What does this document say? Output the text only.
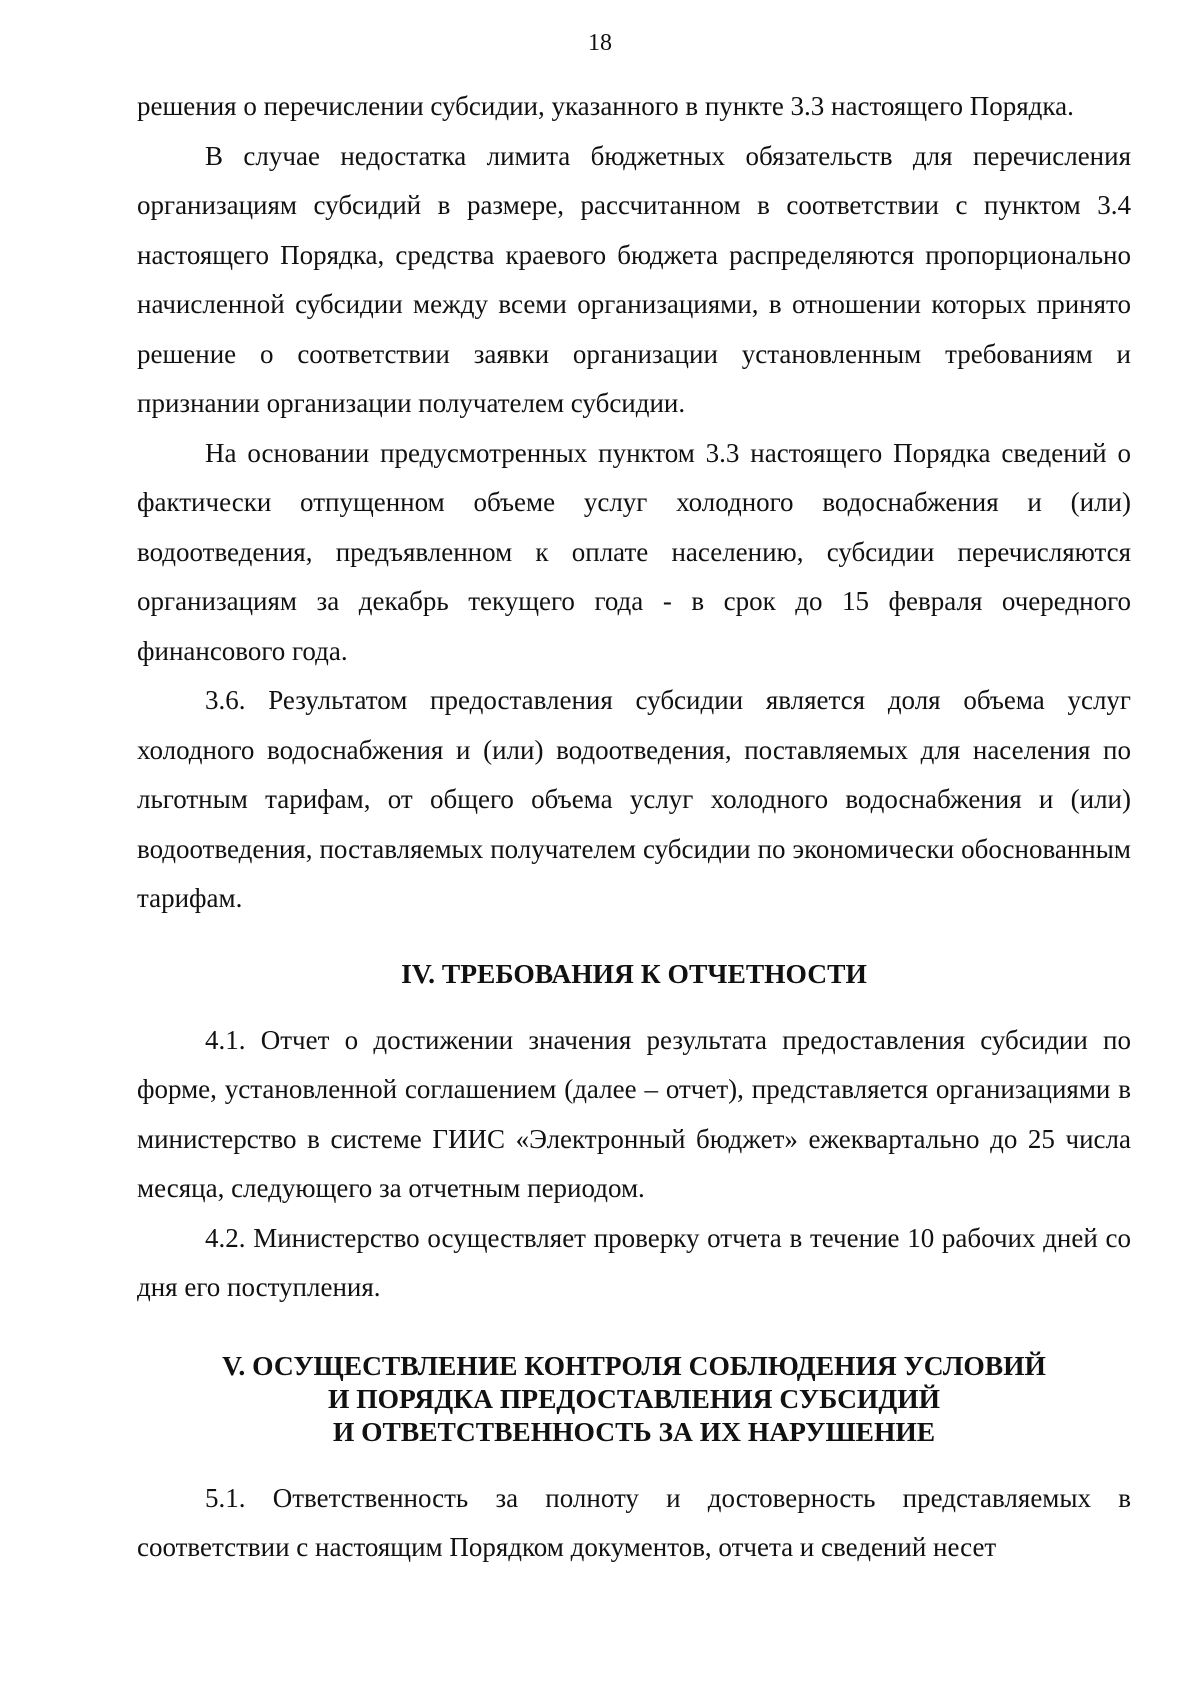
18

решения о перечислении субсидии, указанного в пункте 3.3 настоящего Порядка.

В случае недостатка лимита бюджетных обязательств для перечисления организациям субсидий в размере, рассчитанном в соответствии с пунктом 3.4 настоящего Порядка, средства краевого бюджета распределяются пропорционально начисленной субсидии между всеми организациями, в отношении которых принято решение о соответствии заявки организации установленным требованиям и признании организации получателем субсидии.

На основании предусмотренных пунктом 3.3 настоящего Порядка сведений о фактически отпущенном объеме услуг холодного водоснабжения и (или) водоотведения, предъявленном к оплате населению, субсидии перечисляются организациям за декабрь текущего года - в срок до 15 февраля очередного финансового года.

3.6. Результатом предоставления субсидии является доля объема услуг холодного водоснабжения и (или) водоотведения, поставляемых для населения по льготным тарифам, от общего объема услуг холодного водоснабжения и (или) водоотведения, поставляемых получателем субсидии по экономически обоснованным тарифам.

IV. ТРЕБОВАНИЯ К ОТЧЕТНОСТИ

4.1. Отчет о достижении значения результата предоставления субсидии по форме, установленной соглашением (далее – отчет), представляется организациями в министерство в системе ГИИС «Электронный бюджет» ежеквартально до 25 числа месяца, следующего за отчетным периодом.

4.2. Министерство осуществляет проверку отчета в течение 10 рабочих дней со дня его поступления.

V. ОСУЩЕСТВЛЕНИЕ КОНТРОЛЯ СОБЛЮДЕНИЯ УСЛОВИЙ
И ПОРЯДКА ПРЕДОСТАВЛЕНИЯ СУБСИДИЙ
И ОТВЕТСТВЕННОСТЬ ЗА ИХ НАРУШЕНИЕ

5.1. Ответственность за полноту и достоверность представляемых в соответствии с настоящим Порядком документов, отчета и сведений несет
